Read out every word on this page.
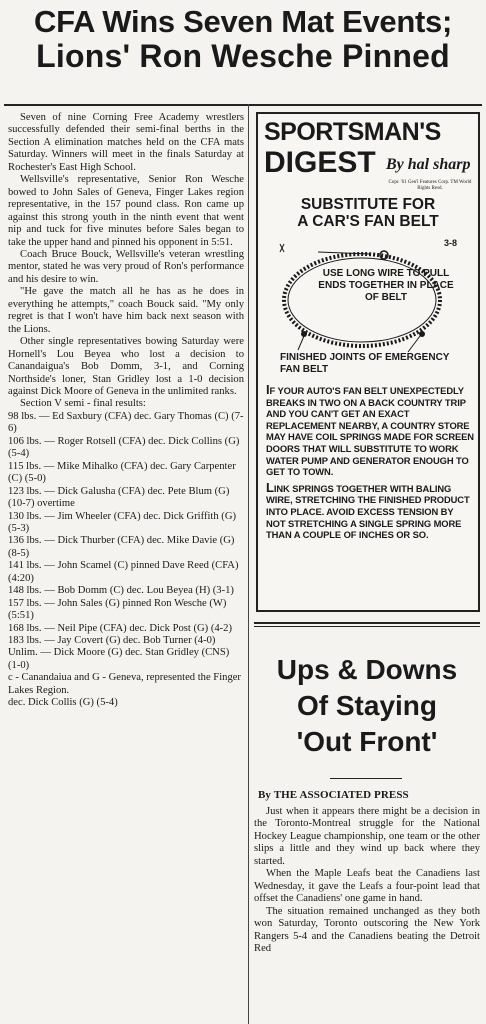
CFA Wins Seven Mat Events;
Lions' Ron Wesche Pinned

Seven of nine Corning Free Academy wrestlers successfully defended their semi-final berths in the Section A elimination matches held on the CFA mats Saturday. Winners will meet in the finals Saturday at Rochester's East High School.

Wellsville's representative, Senior Ron Wesche bowed to John Sales of Geneva, Finger Lakes region representative, in the 157 pound class. Ron came up against this strong youth in the ninth event that went nip and tuck for five minutes before Sales began to take the upper hand and pinned his opponent in 5:51.

Coach Bruce Bouck, Wellsville's veteran wrestling mentor, stated he was very proud of Ron's performance and his desire to win.

"He gave the match all he has as he does in everything he attempts," coach Bouck said. "My only regret is that I won't have him back next season with the Lions.

Other single representatives bowing Saturday were Hornell's Lou Beyea who lost a decision to Canandaigua's Bob Domm, 3-1, and Corning Northside's loner, Stan Gridley lost a 1-0 decision against Dick Moore of Geneva in the unlimited ranks.

Section V semi - final results:

98 lbs. — Ed Saxbury (CFA) dec. Gary Thomas (C) (7-6)

106 lbs. — Roger Rotsell (CFA) dec. Dick Collins (G) (5-4)

115 lbs. — Mike Mihalko (CFA) dec. Gary Carpenter (C) (5-0)

123 lbs. — Dick Galusha (CFA) dec. Pete Blum (G) (10-7) overtime

130 lbs. — Jim Wheeler (CFA) dec. Dick Griffith (G) (5-3)

136 lbs. — Dick Thurber (CFA) dec. Mike Davie (G) (8-5)

141 lbs. — John Scamel (C) pinned Dave Reed (CFA) (4:20)

148 lbs. — Bob Domm (C) dec. Lou Beyea (H) (3-1)

157 lbs. — John Sales (G) pinned Ron Wesche (W) (5:51)

168 lbs. — Neil Pipe (CFA) dec. Dick Post (G) (4-2)

183 lbs. — Jay Covert (G) dec. Bob Turner (4-0)

Unlim. — Dick Moore (G) dec. Stan Gridley (CNS) (1-0)

c - Canandaiua and G - Geneva, represented the Finger Lakes Region.

dec. Dick Collis (G) (5-4)

SPORTSMAN'S
DIGEST By hal sharp
Copr. '61 Gen'l Features Corp. TM World Rights Resd.
SUBSTITUTE FOR
A CAR'S FAN BELT
3-8
USE LONG WIRE TO PULL ENDS TOGETHER IN PLACE OF BELT
FINISHED JOINTS OF EMERGENCY FAN BELT

IF YOUR AUTO'S FAN BELT UNEXPECTEDLY BREAKS IN TWO ON A BACK COUNTRY TRIP AND YOU CAN'T GET AN EXACT REPLACEMENT NEARBY, A COUNTRY STORE MAY HAVE COIL SPRINGS MADE FOR SCREEN DOORS THAT WILL SUBSTITUTE TO WORK WATER PUMP AND GENERATOR ENOUGH TO GET TO TOWN.

LINK SPRINGS TOGETHER WITH BALING WIRE, STRETCHING THE FINISHED PRODUCT INTO PLACE. AVOID EXCESS TENSION BY NOT STRETCHING A SINGLE SPRING MORE THAN A COUPLE OF INCHES OR SO.

Ups & Downs
Of Staying
'Out Front'
By THE ASSOCIATED PRESS

Just when it appears there might be a decision in the Toronto-Montreal struggle for the National Hockey League championship, one team or the other slips a little and they wind up back where they started.

When the Maple Leafs beat the Canadiens last Wednesday, it gave the Leafs a four-point lead that offset the Canadiens' one game in hand.

The situation remained unchanged as they both won Saturday, Toronto outscoring the New York Rangers 5-4 and the Canadiens beating the Detroit Red
